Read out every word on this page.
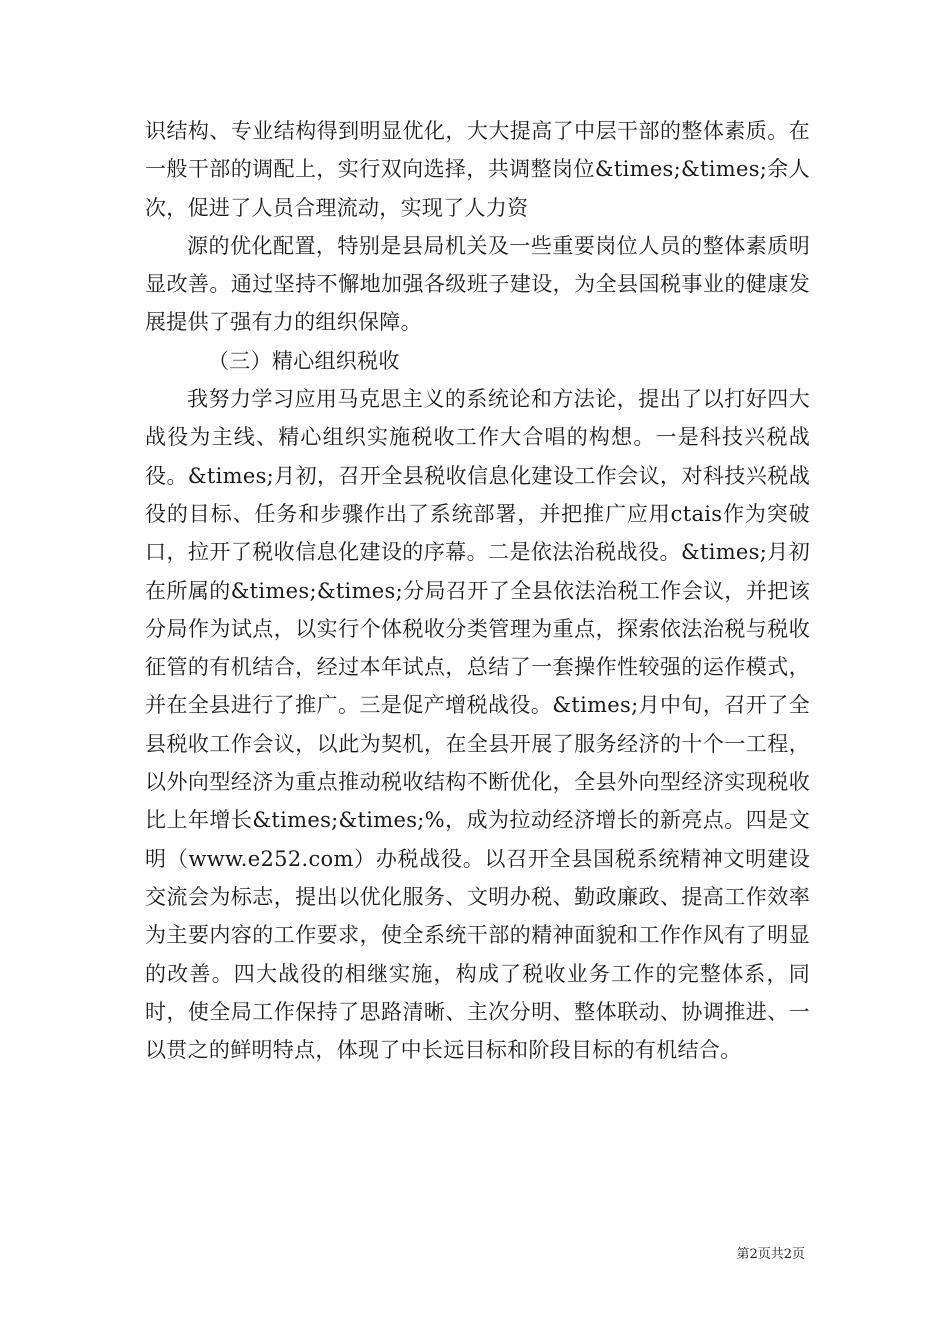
识结构、专业结构得到明显优化，大大提高了中层干部的整体素质。在一般干部的调配上，实行双向选择，共调整岗位&times;&times;余人次，促进了人员合理流动，实现了人力资

源的优化配置，特别是县局机关及一些重要岗位人员的整体素质明显改善。通过坚持不懈地加强各级班子建设，为全县国税事业的健康发展提供了强有力的组织保障。

（三）精心组织税收

我努力学习应用马克思主义的系统论和方法论，提出了以打好四大战役为主线、精心组织实施税收工作大合唱的构想。一是科技兴税战役。&times;月初，召开全县税收信息化建设工作会议，对科技兴税战役的目标、任务和步骤作出了系统部署，并把推广应用ctais作为突破口，拉开了税收信息化建设的序幕。二是依法治税战役。&times;月初在所属的&times;&times;分局召开了全县依法治税工作会议，并把该分局作为试点，以实行个体税收分类管理为重点，探索依法治税与税收征管的有机结合，经过本年试点，总结了一套操作性较强的运作模式，并在全县进行了推广。三是促产增税战役。&times;月中旬，召开了全县税收工作会议，以此为契机，在全县开展了服务经济的十个一工程，以外向型经济为重点推动税收结构不断优化，全县外向型经济实现税收比上年增长&times;&times;%，成为拉动经济增长的新亮点。四是文明（www.e252.com）办税战役。以召开全县国税系统精神文明建设交流会为标志，提出以优化服务、文明办税、勤政廉政、提高工作效率为主要内容的工作要求，使全系统干部的精神面貌和工作作风有了明显的改善。四大战役的相继实施，构成了税收业务工作的完整体系，同时，使全局工作保持了思路清晰、主次分明、整体联动、协调推进、一以贯之的鲜明特点，体现了中长远目标和阶段目标的有机结合。

第2页共2页
